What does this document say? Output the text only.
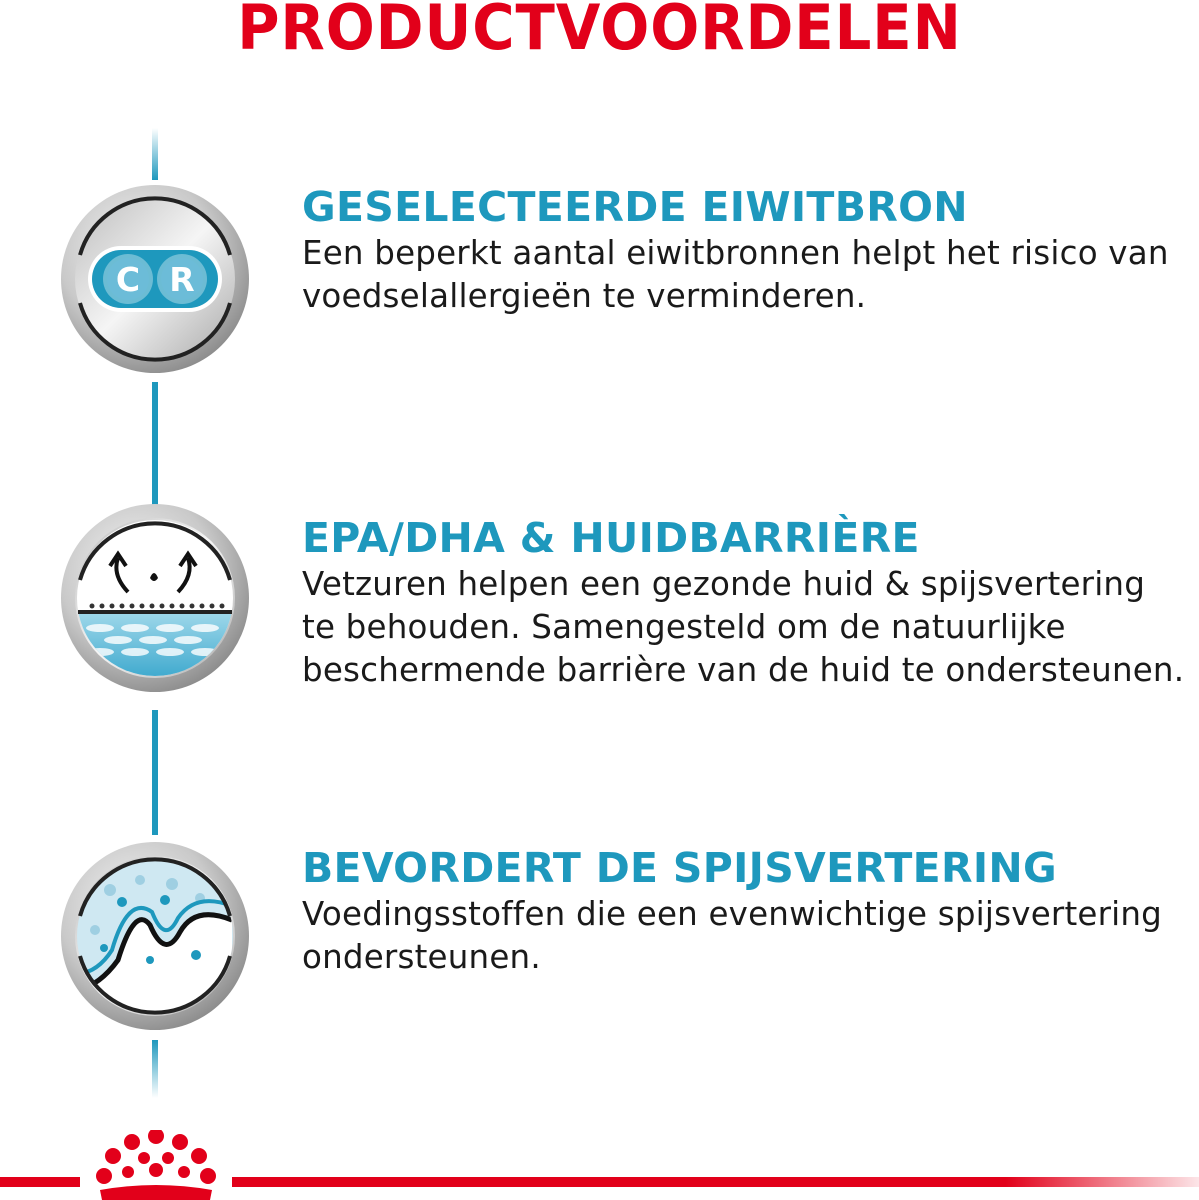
PRODUCTVOORDELEN
C R
GESELECTEERDE EIWITBRON

Een beperkt aantal eiwitbronnen helpt het risico van
voedselallergieën te verminderen.

EPA/DHA & HUIDBARRIÈRE

Vetzuren helpen een gezonde huid & spijsvertering
te behouden. Samengesteld om de natuurlijke
beschermende barrière van de huid te ondersteunen.

BEVORDERT DE SPIJSVERTERING

Voedingsstoffen die een evenwichtige spijsvertering
ondersteunen.
